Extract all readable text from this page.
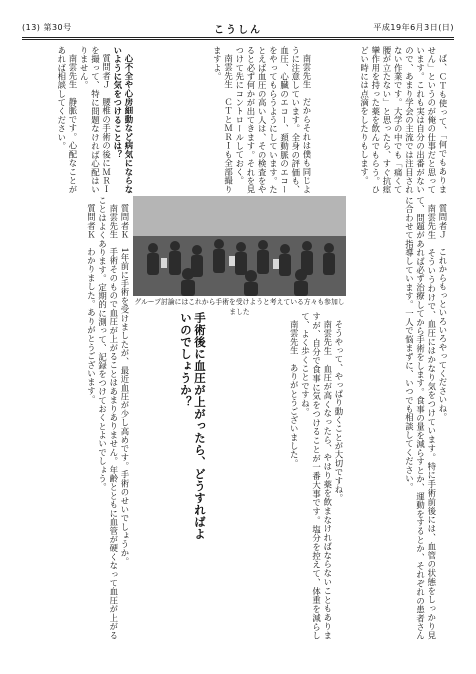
(13) 第30号	こうしん	平成19年6月3日(日)

ば、ＣＴも使って、「何でもありません」というのが俺の仕事だと思っています。これも実は自分の出番がないので、あまり学会の主流では注目されない作業です。大学の中でも「痛くて腰が立たない」と思ったら、すぐ抗痙攣作用を持った薬を飲んでもらう。ひどい時には点滴をしたりもします。

南雲先生　だからそれは僕も同じように注意しています。全身の評価も、血圧、心臓のエコー、頚動脈のエコーをやってもらうようにしています。たとえば血圧の高い人は、その検査をやると必ず何かが出てきます。それを見つけて先にコントロールしておく。

南雲先生　ＣＴとＭＲＩも全部撮りますよ。

心不全や心房細動など病気にならないように気をつけることは？

質問者Ｊ　腰椎の手術の後にＭＲＩを撮って、特に問題なければ心配はいりません。

南雲先生　静脈です。心配なことがあれば相談してください。

グループ討論にはこれから手術を受けようと考えている方々も参加しました	質問者Ｊ　これからもっといろいろやってくださいね。

南雲先生　そういうわけで、血圧にはかなり気をつけています。特に手術前後には、血管の状態をしっかり見て、問題があれば必ず治療してから手術をします。食事の量を減らすとか、運動をするとか、それぞれの患者さんに合わせて指導しています。一人で悩まずに、いつでも相談してください。

そうやって、やっぱり動くことが大切ですね。

南雲先生　血圧が高くなったら、やはり薬を飲まなければならないこともありますが、自分で食事に気をつけることが一番大事です。塩分を控えて、体重を減らして、よく歩くことですね。

南雲先生　ありがとうございました。

手術後に血圧が上がったら、どうすればよいのでしょうか？

質問者Ｋ　1年前に手術を受けましたが、最近血圧が少し高めです。手術のせいでしょうか。

南雲先生　手術そのもので血圧が上がることはあまりありません。年齢とともに血管が硬くなって血圧が上がることはよくあります。定期的に測って、記録をつけておくとよいでしょう。

質問者Ｋ　わかりました。ありがとうございます。
